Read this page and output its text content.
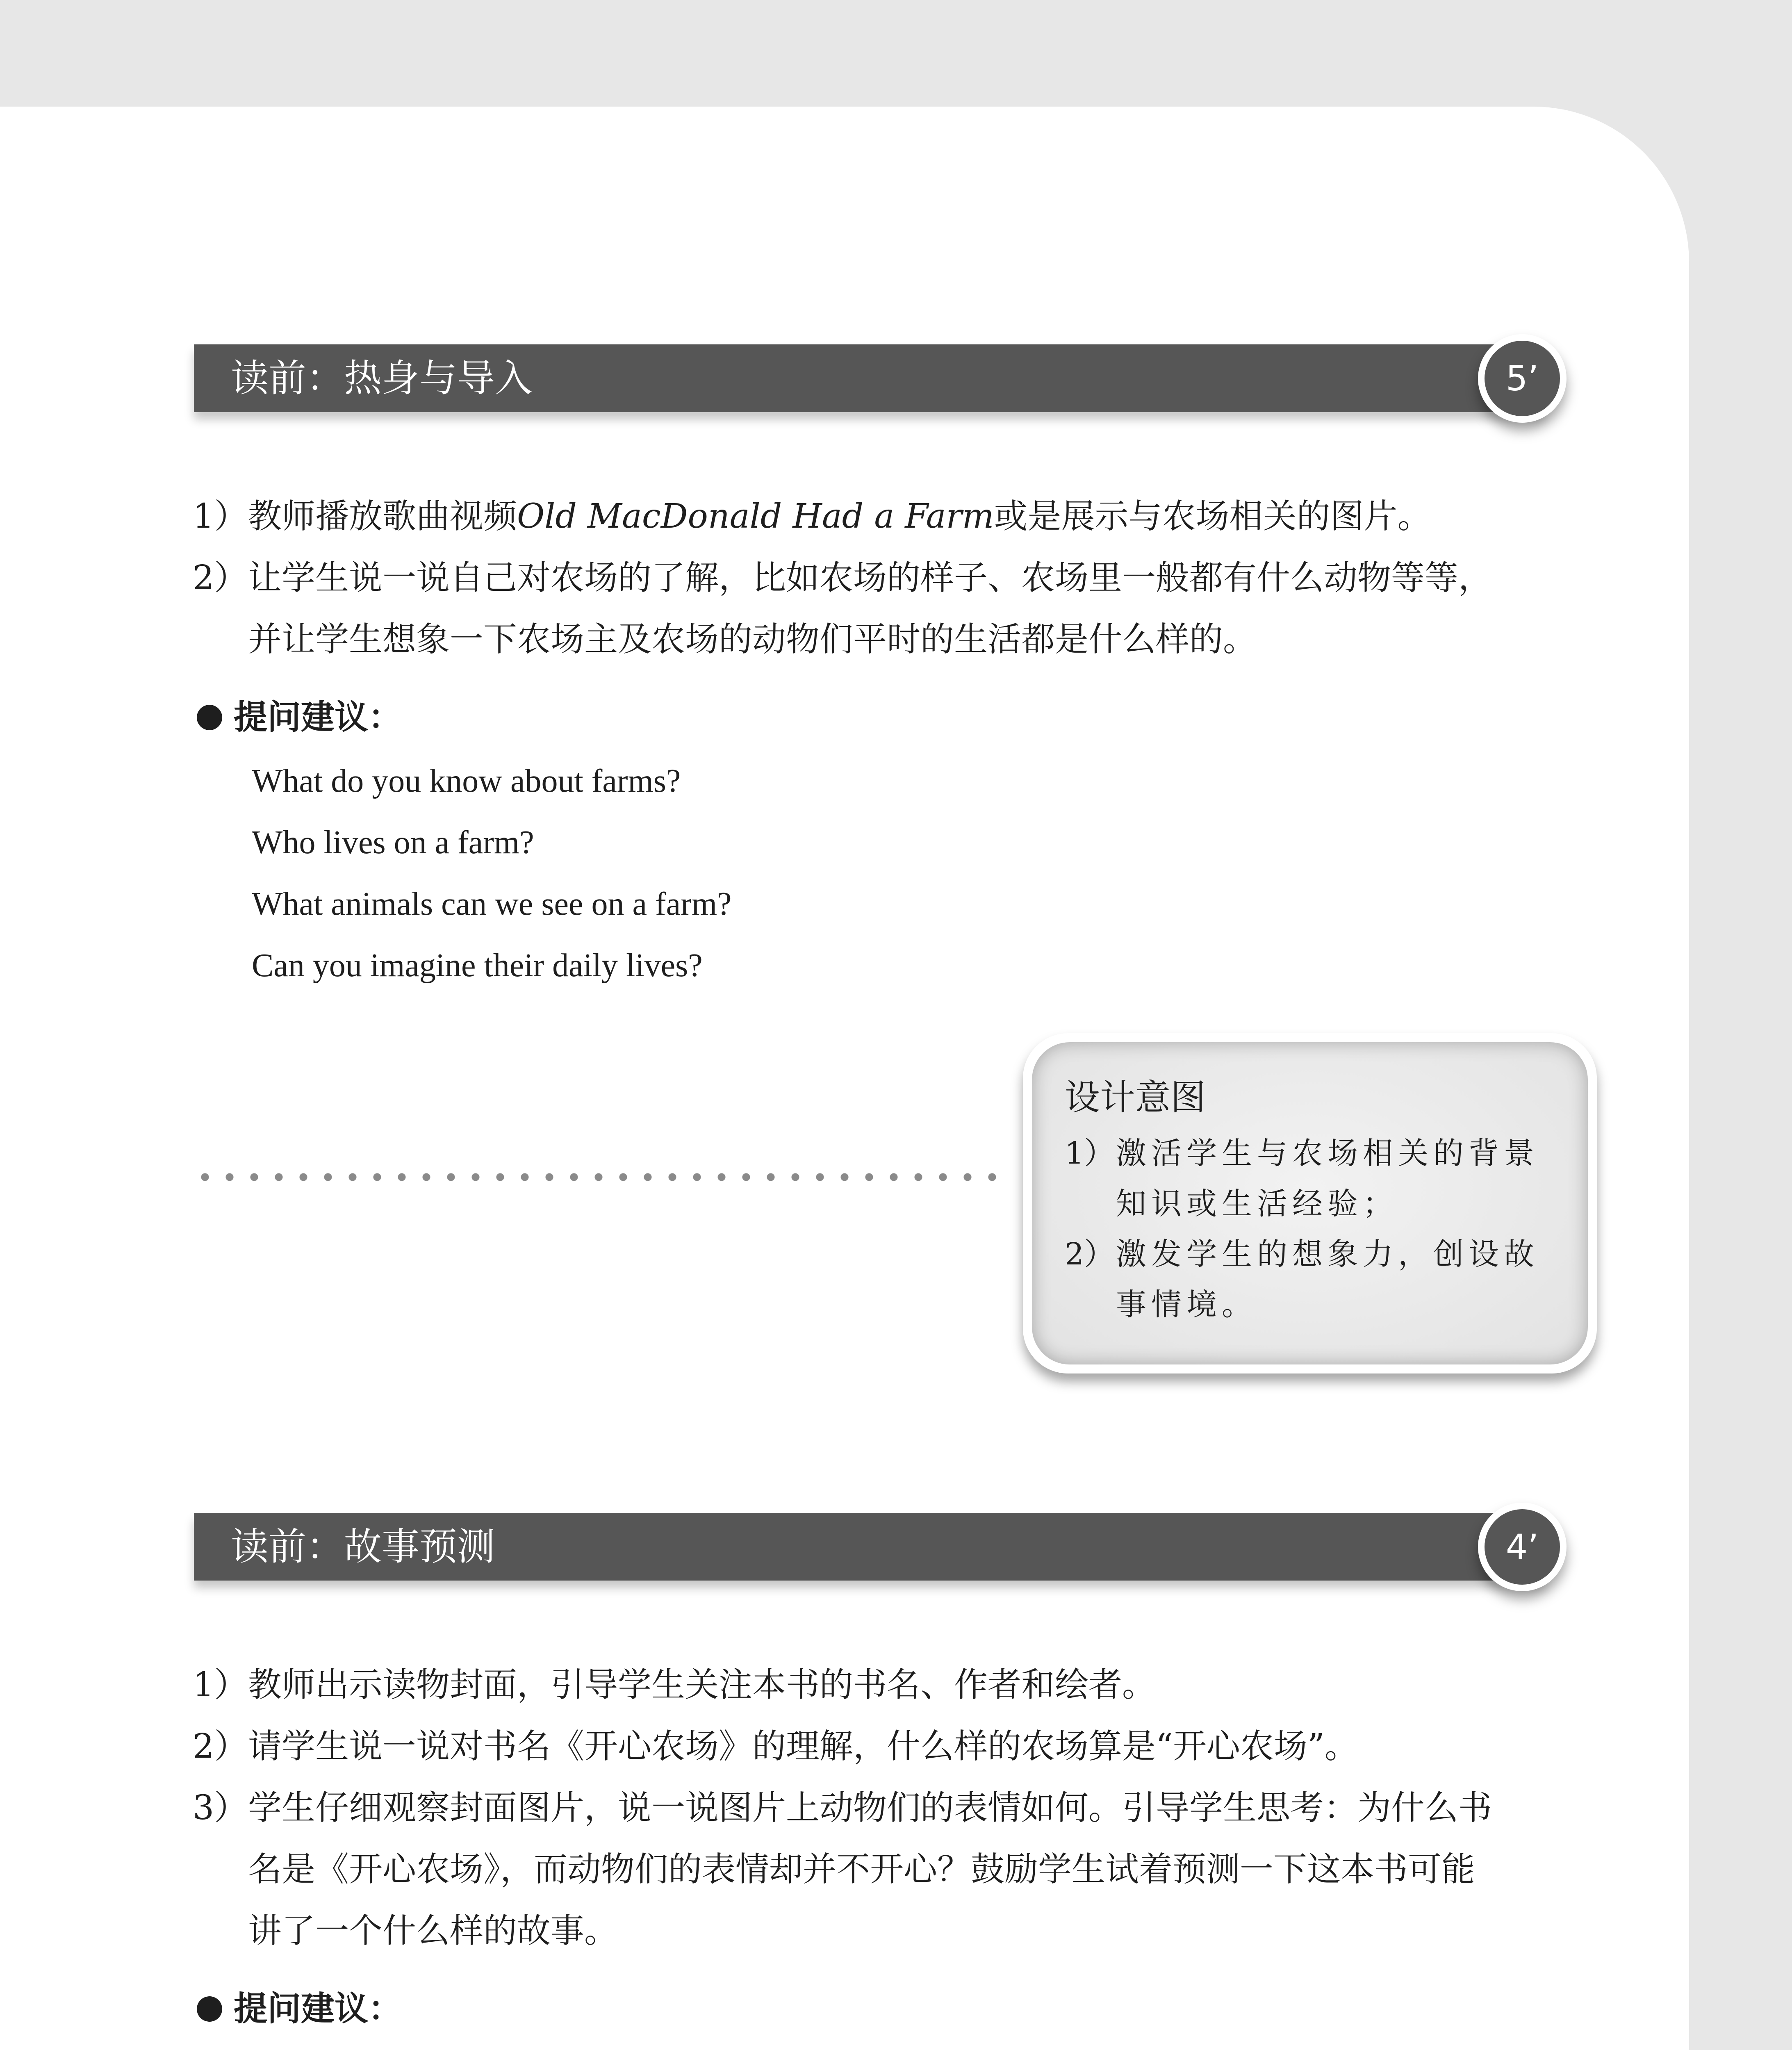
读前：热身与导入	5’

1）教师播放歌曲视频Old MacDonald Had a Farm或是展示与农场相关的图片。

2）让学生说一说自己对农场的了解，比如农场的样子、农场里一般都有什么动物等等，
并让学生想象一下农场主及农场的动物们平时的生活都是什么样的。

提问建议：
What do you know about farms?
Who lives on a farm?
What animals can we see on a farm?
Can you imagine their daily lives?
设计意图
1）激活学生与农场相关的背景
知识或生活经验；
2）激发学生的想象力，创设故
事情境。
读前：故事预测	4’

1）教师出示读物封面，引导学生关注本书的书名、作者和绘者。

2）请学生说一说对书名《开心农场》的理解，什么样的农场算是“开心农场”。

3）学生仔细观察封面图片，说一说图片上动物们的表情如何。引导学生思考：为什么书
名是《开心农场》，而动物们的表情却并不开心？鼓励学生试着预测一下这本书可能
讲了一个什么样的故事。

提问建议：
